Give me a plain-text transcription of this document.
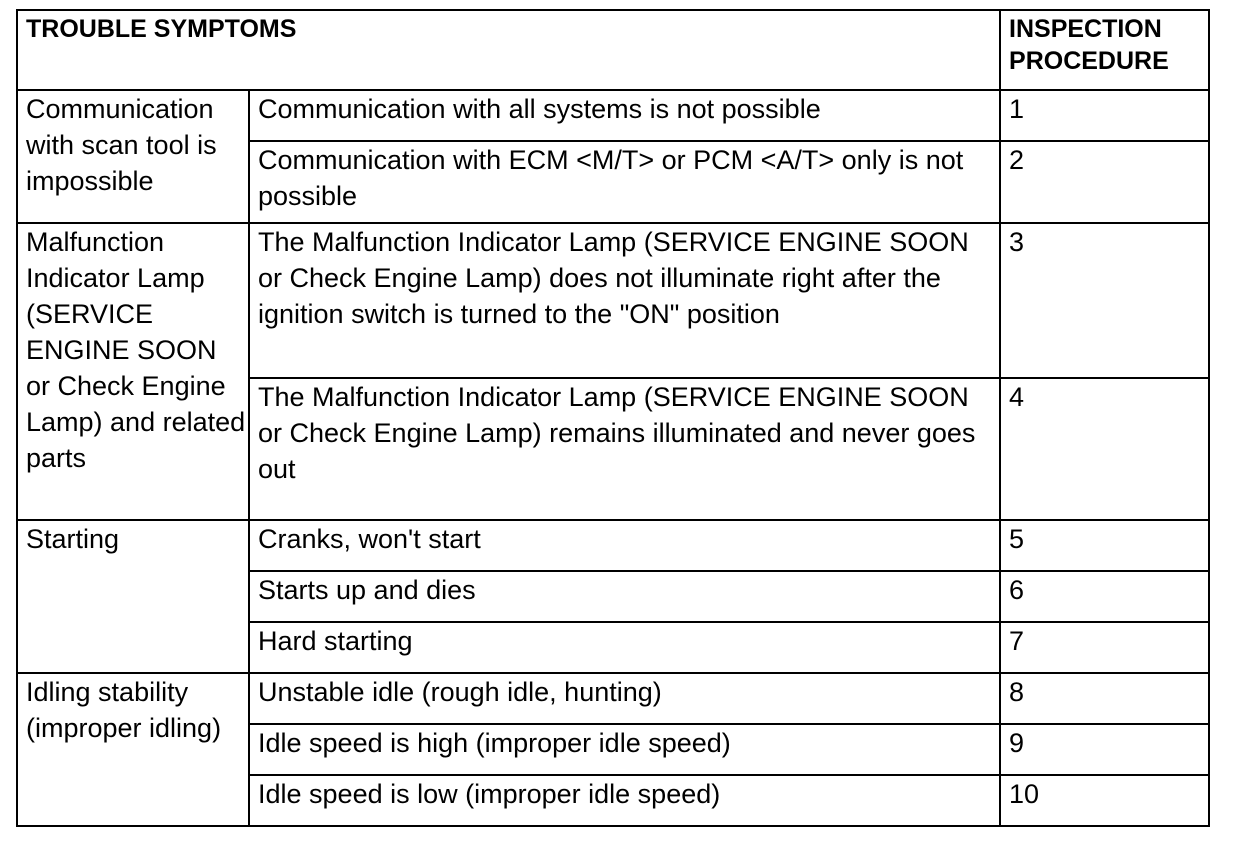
TROUBLE SYMPTOMS		INSPECTION
PROCEDURE
Communication with scan tool is impossible	Communication with all systems is not possible	1
	Communication with ECM <M/T> or PCM <A/T> only is not possible	2
Malfunction Indicator Lamp (SERVICE ENGINE SOON or Check Engine Lamp) and related parts	The Malfunction Indicator Lamp (SERVICE ENGINE SOON or Check Engine Lamp) does not illuminate right after the ignition switch is turned to the "ON" position	3
	The Malfunction Indicator Lamp (SERVICE ENGINE SOON or Check Engine Lamp) remains illuminated and never goes out	4
Starting	Cranks, won't start	5
	Starts up and dies	6
	Hard starting	7
Idling stability (improper idling)	Unstable idle (rough idle, hunting)	8
	Idle speed is high (improper idle speed)	9
	Idle speed is low (improper idle speed)	10
